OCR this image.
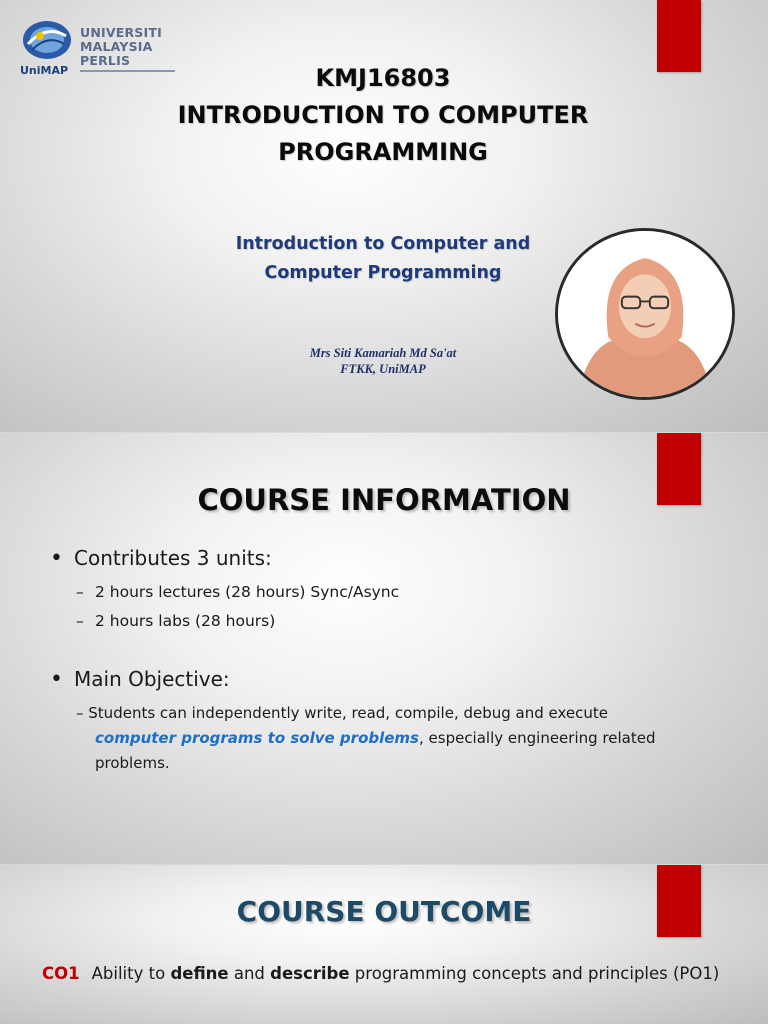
UniMAP
UNIVERSITI
MALAYSIA
PERLIS
KMJ16803
INTRODUCTION TO COMPUTER
PROGRAMMING
Introduction to Computer and
Computer Programming
Mrs Siti Kamariah Md Sa'at
FTKK, UniMAP
COURSE INFORMATION
• Contributes 3 units:
– 2 hours lectures (28 hours) Sync/Async
– 2 hours labs (28 hours)
• Main Objective:
– Students can independently write, read, compile, debug and execute computer programs to solve problems, especially engineering related problems.
COURSE OUTCOME
CO1 Ability to define and describe programming concepts and principles (PO1)
